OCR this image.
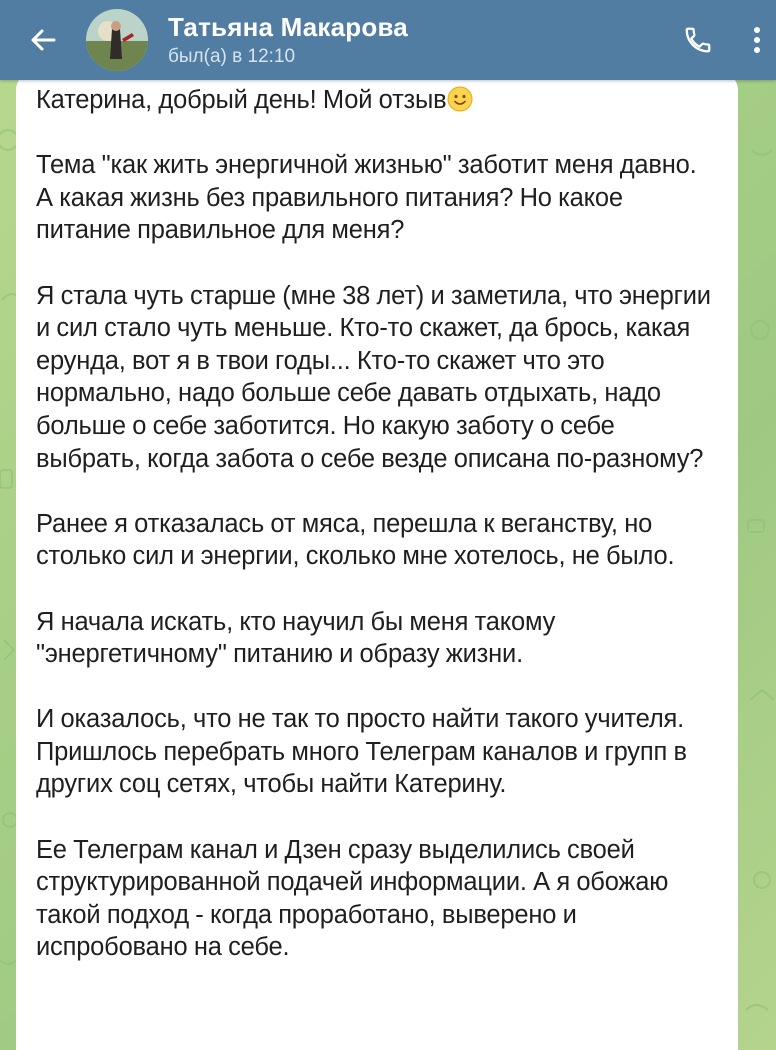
Татьяна Макарова
был(а) в 12:10
Катерина, добрый день! Мой отзыв

Тема "как жить энергичной жизнью" заботит меня давно. А какая жизнь без правильного питания? Но какое питание правильное для меня?

Я стала чуть старше (мне 38 лет) и заметила, что энергии и сил стало чуть меньше. Кто-то скажет, да брось, какая ерунда, вот я в твои годы... Кто-то скажет что это нормально, надо больше себе давать отдыхать, надо больше о себе заботится. Но какую заботу о себе выбрать, когда забота о себе везде описана по-разному?

Ранее я отказалась от мяса, перешла к веганству, но столько сил и энергии, сколько мне хотелось, не было.

Я начала искать, кто научил бы меня такому "энергетичному" питанию и образу жизни.

И оказалось, что не так то просто найти такого учителя. Пришлось перебрать много Телеграм каналов и групп в других соц сетях, чтобы найти Катерину.

Ее Телеграм канал и Дзен сразу выделились своей структурированной подачей информации. А я обожаю такой подход - когда проработано, выверено и испробовано на себе.
